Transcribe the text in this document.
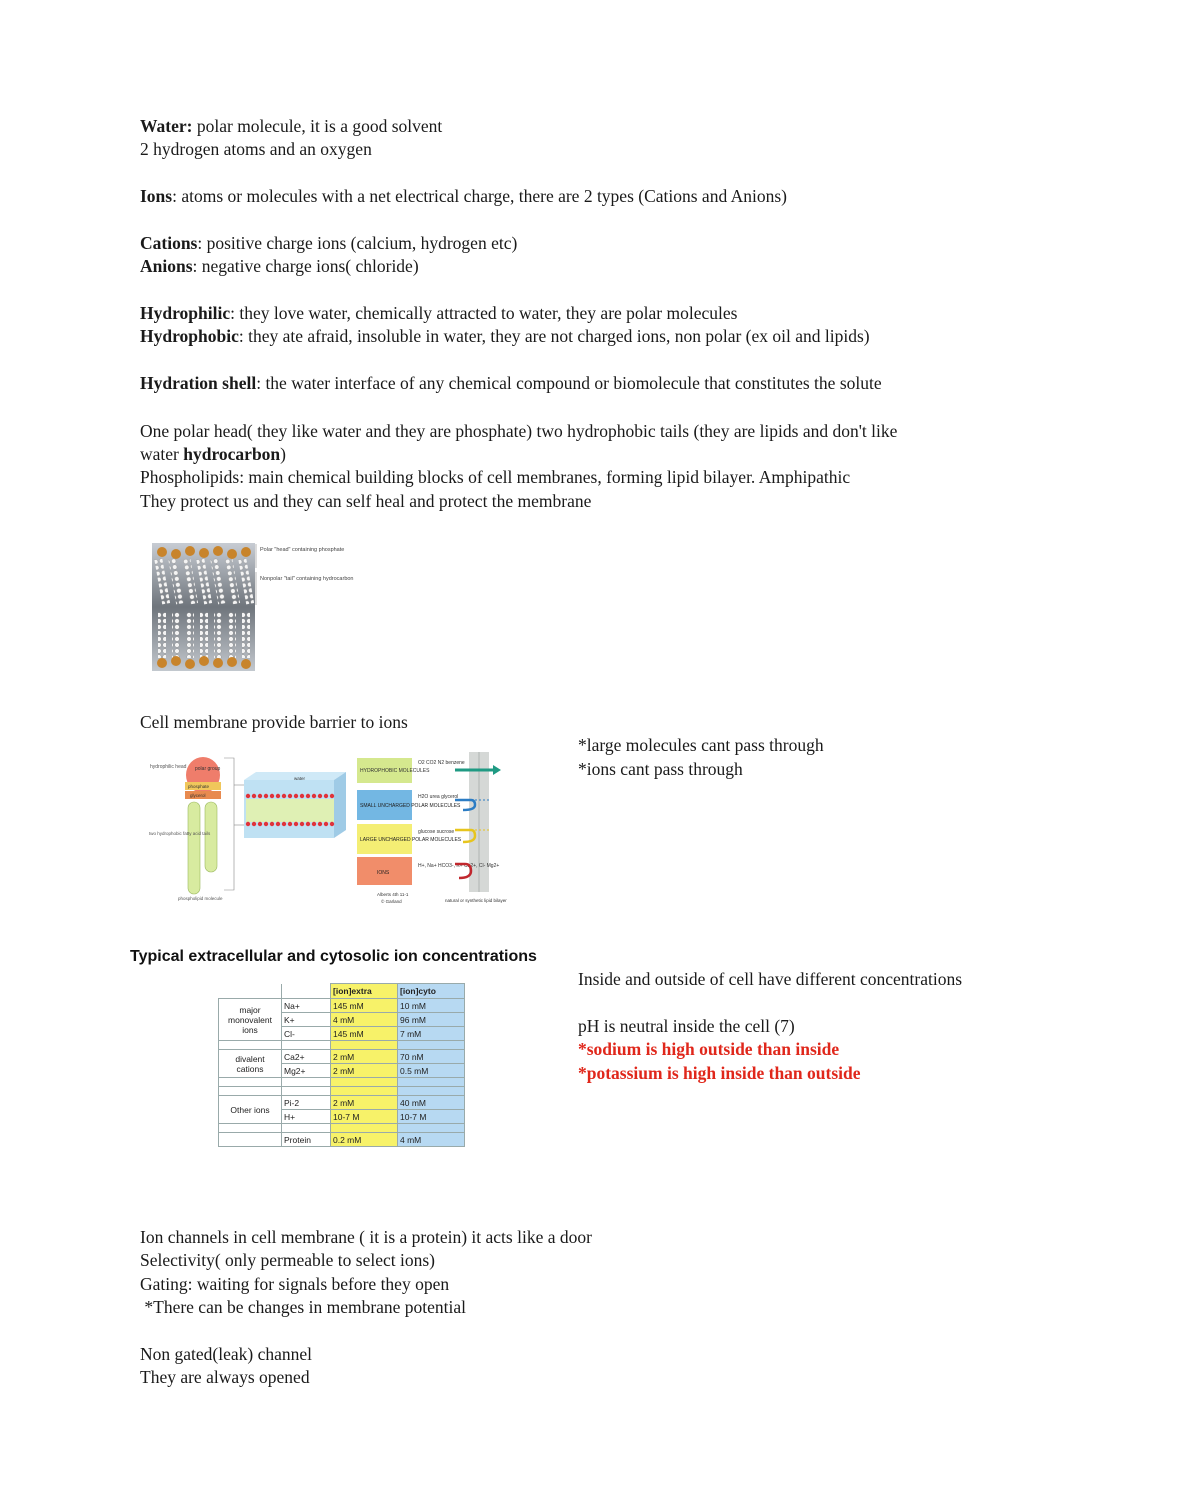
Water: polar molecule, it is a good solvent
2 hydrogen atoms and an oxygen
Ions: atoms or molecules with a net electrical charge, there are 2 types (Cations and Anions)
Cations: positive charge ions (calcium, hydrogen etc)
Anions: negative charge ions( chloride)
Hydrophilic: they love water, chemically attracted to water, they are polar molecules
Hydrophobic: they ate afraid, insoluble in water, they are not charged ions, non polar (ex oil and lipids)
Hydration shell: the water interface of any chemical compound or biomolecule that constitutes the solute
One polar head( they like water and they are phosphate) two hydrophobic tails (they are lipids and don't like
water hydrocarbon)
Phospholipids: main chemical building blocks of cell membranes, forming lipid bilayer. Amphipathic
They protect us and they can self heal and protect the membrane
Polar "head" containing phosphate
Nonpolar "tail" containing hydrocarbon
Cell membrane provide barrier to ions
*large molecules cant pass through
*ions cant pass through
hydrophilic head polar group
phosphate
glycerol
two hydrophobic fatty acid tails
phospholipid molecule
water
HYDROPHOBIC MOLECULES
O2 CO2 N2 benzene
SMALL UNCHARGED POLAR MOLECULES
H2O urea glycerol
LARGE UNCHARGED POLAR MOLECULES
glucose sucrose
IONS
H+, Na+ HCO3-, K+ Ca2+, Cl- Mg2+
Alberts 4th 11-1
© Garland	natural or synthetic lipid bilayer
Typical extracellular and cytosolic ion concentrations
		[ion]extra	[ion]cyto
major monovalent ions	Na+	145 mM	10 mM
	K+	4 mM	96 mM
	Cl-	145 mM	7 mM

divalent cations	Ca2+	2 mM	70 nM
	Mg2+	2 mM	0.5 mM

Other ions	Pi-2	2 mM	40 mM
	H+	10-7 M	10-7 M

	Protein	0.2 mM	4 mM
Inside and outside of cell have different concentrations
pH is neutral inside the cell (7)
*sodium is high outside than inside
*potassium is high inside than outside
Ion channels in cell membrane ( it is a protein) it acts like a door
Selectivity( only permeable to select ions)
Gating: waiting for signals before they open
*There can be changes in membrane potential
Non gated(leak) channel
They are always opened
